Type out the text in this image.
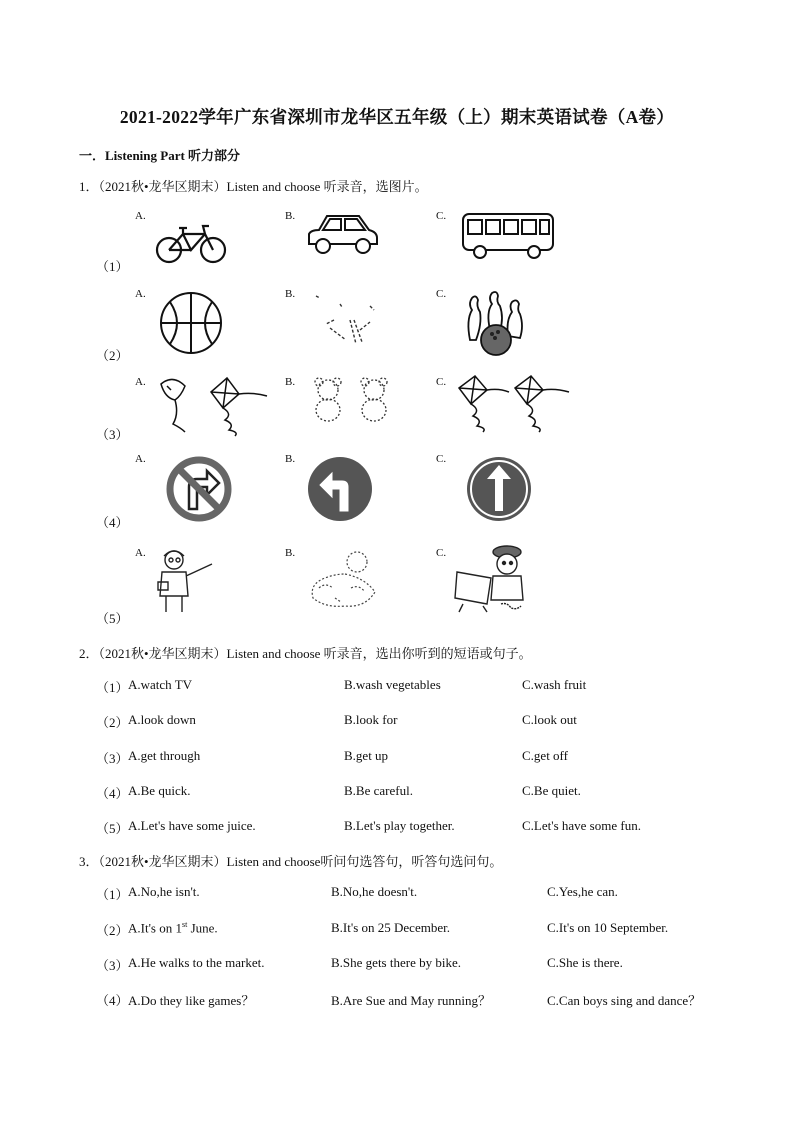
2021-2022学年广东省深圳市龙华区五年级（上）期末英语试卷（A卷）
一．Listening Part 听力部分
1．（2021秋•龙华区期末）Listen and choose 听录音，选图片。
（1）
A.	B.	C.
（2）
A.	B.	C.
（3）
A.	B.	C.
（4）
A.	B.	C.
（5）
A.	B.	C.
2．（2021秋•龙华区期末）Listen and choose 听录音，选出你听到的短语或句子。
（1） A.watch TV	B.wash vegetables	C.wash fruit
（2） A.look down	B.look for	C.look out
（3） A.get through	B.get up	C.get off
（4） A.Be quick.	B.Be careful.	C.Be quiet.
（5） A.Let's have some juice.	B.Let's play together.	C.Let's have some fun.
3．（2021秋•龙华区期末）Listen and choose听问句选答句，听答句选问句。
（1） A.No,he isn't.	B.No,he doesn't.	C.Yes,he can.
（2） A.It's on 1st June.	B.It's on 25 December.	C.It's on 10 September.
（3） A.He walks to the market.	B.She gets there by bike.	C.She is there.
（4） A.Do they like games？	B.Are Sue and May running？	C.Can boys sing and dance？
